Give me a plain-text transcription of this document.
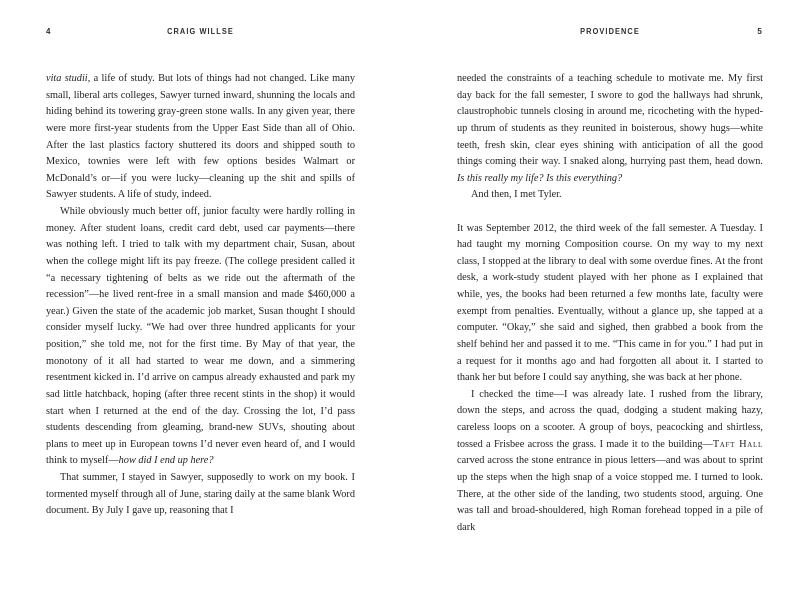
4	CRAIG WILLSE

vita studii, a life of study. But lots of things had not changed. Like many small, liberal arts colleges, Sawyer turned inward, shunning the locals and hiding behind its towering gray-green stone walls. In any given year, there were more first-year students from the Upper East Side than all of Ohio. After the last plastics factory shuttered its doors and shipped south to Mexico, townies were left with few options besides Walmart or McDonald’s or—if you were lucky—cleaning up the shit and spills of Sawyer students. A life of study, indeed.

While obviously much better off, junior faculty were hardly rolling in money. After student loans, credit card debt, used car payments—there was nothing left. I tried to talk with my department chair, Susan, about when the college might lift its pay freeze. (The college president called it “a necessary tightening of belts as we ride out the aftermath of the recession”—he lived rent-free in a small mansion and made $460,000 a year.) Given the state of the academic job market, Susan thought I should consider myself lucky. “We had over three hundred applicants for your position,” she told me, not for the first time. By May of that year, the monotony of it all had started to wear me down, and a simmering resentment kicked in. I’d arrive on campus already exhausted and park my sad little hatchback, hoping (after three recent stints in the shop) it would start when I returned at the end of the day. Crossing the lot, I’d pass students descending from gleaming, brand-new SUVs, shouting about plans to meet up in European towns I’d never even heard of, and I would think to myself—how did I end up here?

That summer, I stayed in Sawyer, supposedly to work on my book. I tormented myself through all of June, staring daily at the same blank Word document. By July I gave up, reasoning that I

PROVIDENCE	5

needed the constraints of a teaching schedule to motivate me. My first day back for the fall semester, I swore to god the hallways had shrunk, claustrophobic tunnels closing in around me, ricocheting with the hyped-up thrum of students as they reunited in boisterous, showy hugs—white teeth, fresh skin, clear eyes shining with anticipation of all the good things coming their way. I snaked along, hurrying past them, head down. Is this really my life? Is this everything?

And then, I met Tyler.

It was September 2012, the third week of the fall semester. A Tuesday. I had taught my morning Composition course. On my way to my next class, I stopped at the library to deal with some overdue fines. At the front desk, a work-study student played with her phone as I explained that while, yes, the books had been returned a few months late, faculty were exempt from penalties. Eventually, without a glance up, she tapped at a computer. “Okay,” she said and sighed, then grabbed a book from the shelf behind her and passed it to me. “This came in for you.” I had put in a request for it months ago and had forgotten all about it. I started to thank her but before I could say anything, she was back at her phone.

I checked the time—I was already late. I rushed from the library, down the steps, and across the quad, dodging a student making hazy, careless loops on a scooter. A group of boys, peacocking and shirtless, tossed a Frisbee across the grass. I made it to the building—Taft Hall carved across the stone entrance in pious letters—and was about to sprint up the steps when the high snap of a voice stopped me. I turned to look. There, at the other side of the landing, two students stood, arguing. One was tall and broad-shouldered, high Roman forehead topped in a pile of dark
